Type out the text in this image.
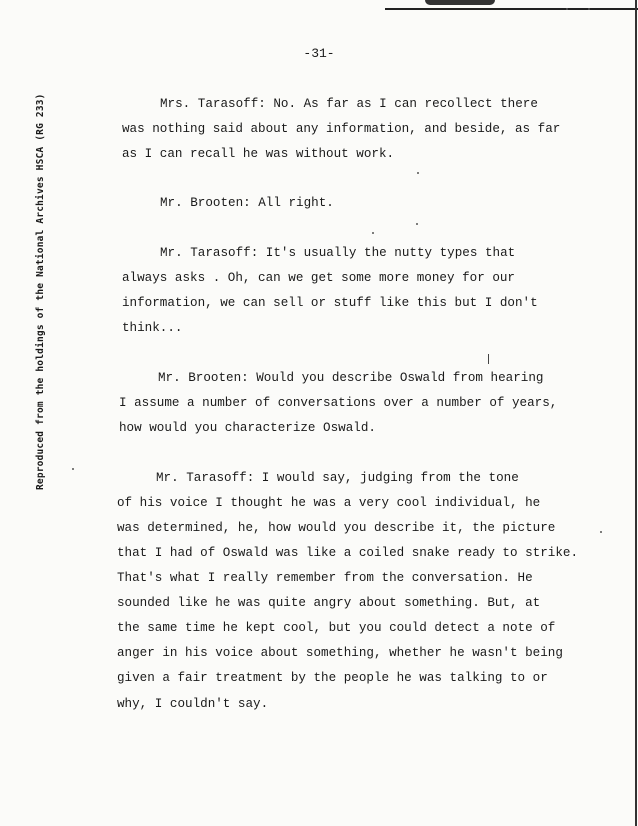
-31-
Reproduced from the holdings of the National Archives HSCA (RG 233)	Mrs. Tarasoff: No. As far as I can recollect there
was nothing said about any information, and beside, as far
as I can recall he was without work.
Mr. Brooten: All right.
Mr. Tarasoff: It's usually the nutty types that
always asks . Oh, can we get some more money for our
information, we can sell or stuff like this but I don't
think...
Mr. Brooten: Would you describe Oswald from hearing
I assume a number of conversations over a number of years,
how would you characterize Oswald.
Mr. Tarasoff: I would say, judging from the tone
of his voice I thought he was a very cool individual, he
was determined, he, how would you describe it, the picture
that I had of Oswald was like a coiled snake ready to strike.
That's what I really remember from the conversation. He
sounded like he was quite angry about something. But, at
the same time he kept cool, but you could detect a note of
anger in his voice about something, whether he wasn't being
given a fair treatment by the people he was talking to or
why, I couldn't say.
